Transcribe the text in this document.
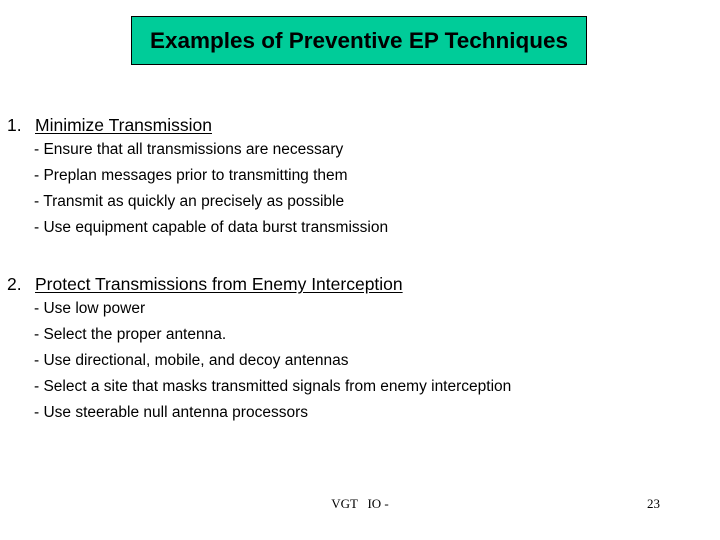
Examples of Preventive EP Techniques
1. Minimize Transmission
- Ensure that all transmissions are necessary
- Preplan messages prior to transmitting them
- Transmit as quickly an precisely as possible
- Use equipment capable of data burst transmission
2. Protect Transmissions from Enemy Interception
- Use low power
- Select the proper antenna.
- Use directional, mobile, and decoy antennas
- Select a site that masks transmitted signals from enemy interception
- Use steerable null antenna processors
VGT   IO -	23
